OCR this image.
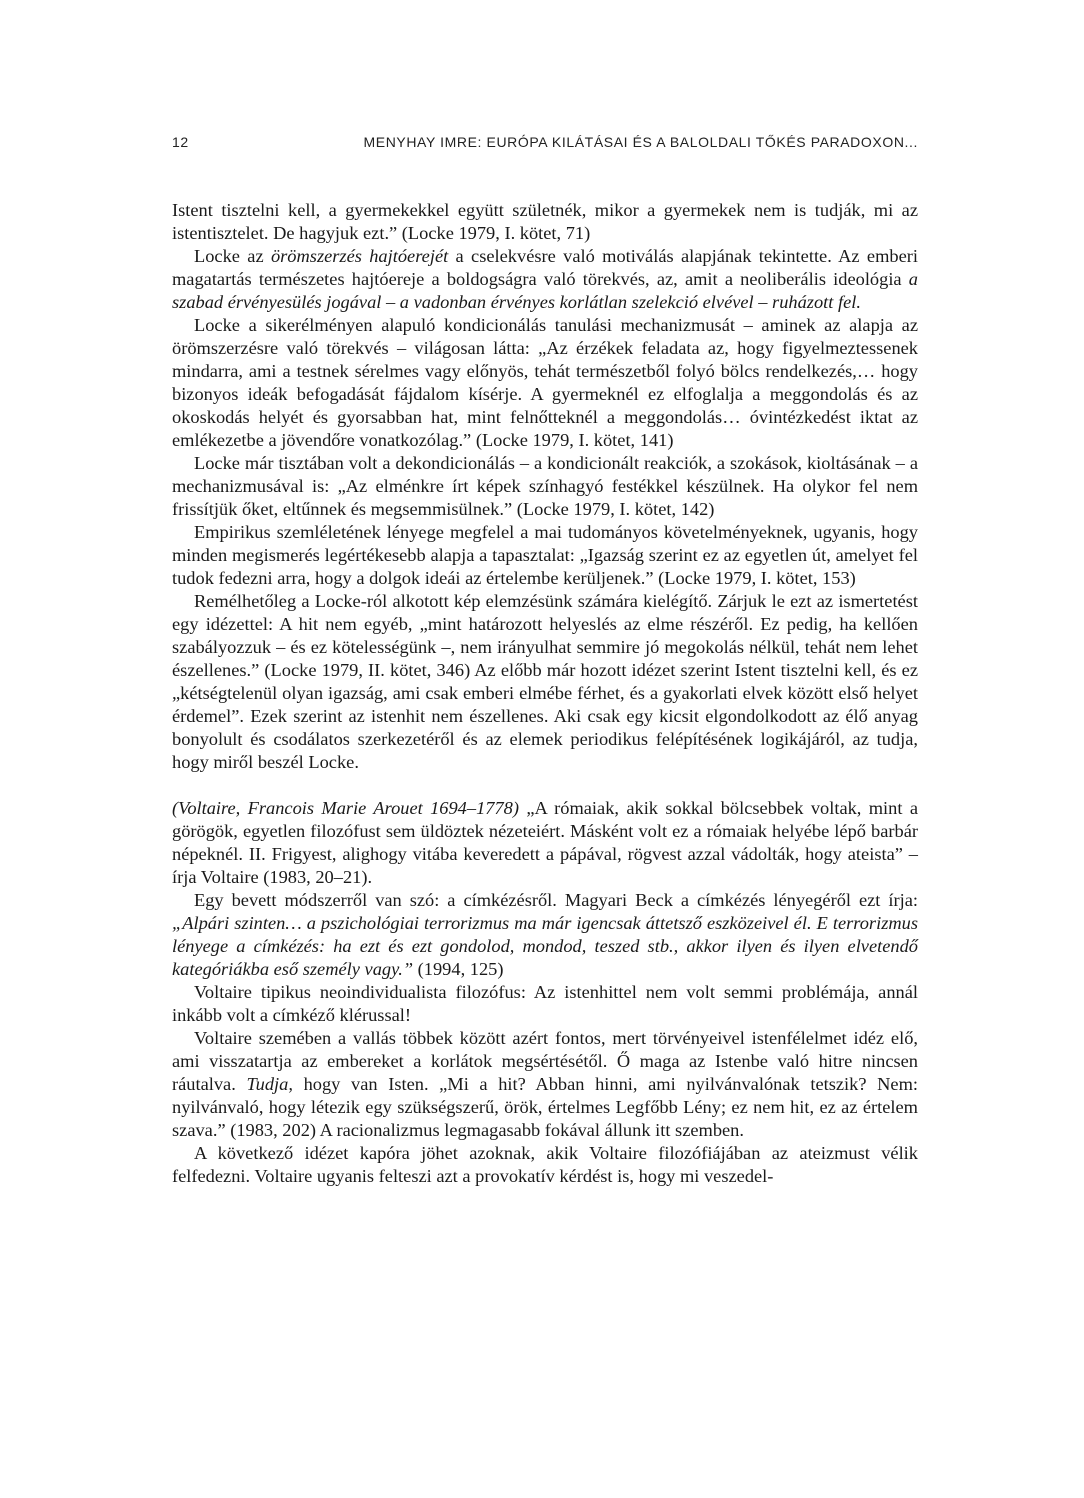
12	MENYHAY IMRE: EURÓPA KILÁTÁSAI ÉS A BALOLDALI TŐKÉS PARADOXON...

Istent tisztelni kell, a gyermekekkel együtt születnék, mikor a gyermekek nem is tudják, mi az istentisztelet. De hagyjuk ezt.” (Locke 1979, I. kötet, 71)

Locke az örömszerzés hajtóerejét a cselekvésre való motiválás alapjának tekintette. Az emberi magatartás természetes hajtóereje a boldogságra való törekvés, az, amit a neoliberális ideológia a szabad érvényesülés jogával – a vadonban érvényes korlátlan szelekció elvével – ruházott fel.

Locke a sikerélményen alapuló kondicionálás tanulási mechanizmusát – aminek az alapja az örömszerzésre való törekvés – világosan látta: „Az érzékek feladata az, hogy figyelmeztessenek mindarra, ami a testnek sérelmes vagy előnyös, tehát természetből folyó bölcs rendelkezés,… hogy bizonyos ideák befogadását fájdalom kísérje. A gyermeknél ez elfoglalja a meggondolás és az okoskodás helyét és gyorsabban hat, mint felnőtteknél a meggondolás… óvintézkedést iktat az emlékezetbe a jövendőre vonatkozólag.” (Locke 1979, I. kötet, 141)

Locke már tisztában volt a dekondicionálás – a kondicionált reakciók, a szokások, kioltásának – a mechanizmusával is: „Az elménkre írt képek színhagyó festékkel készülnek. Ha olykor fel nem frissítjük őket, eltűnnek és megsemmisülnek.” (Locke 1979, I. kötet, 142)

Empirikus szemléletének lényege megfelel a mai tudományos követelményeknek, ugyanis, hogy minden megismerés legértékesebb alapja a tapasztalat: „Igazság szerint ez az egyetlen út, amelyet fel tudok fedezni arra, hogy a dolgok ideái az értelembe kerüljenek.” (Locke 1979, I. kötet, 153)

Remélhetőleg a Locke-ról alkotott kép elemzésünk számára kielégítő. Zárjuk le ezt az ismertetést egy idézettel: A hit nem egyéb, „mint határozott helyeslés az elme részéről. Ez pedig, ha kellően szabályozzuk – és ez kötelességünk –, nem irányulhat semmire jó megokolás nélkül, tehát nem lehet észellenes.” (Locke 1979, II. kötet, 346) Az előbb már hozott idézet szerint Istent tisztelni kell, és ez „kétségtelenül olyan igazság, ami csak emberi elmébe férhet, és a gyakorlati elvek között első helyet érdemel”. Ezek szerint az istenhit nem észellenes. Aki csak egy kicsit elgondolkodott az élő anyag bonyolult és csodálatos szerkezetéről és az elemek periodikus felépítésének logikájáról, az tudja, hogy miről beszél Locke.

(Voltaire, Francois Marie Arouet 1694–1778) „A rómaiak, akik sokkal bölcsebbek voltak, mint a görögök, egyetlen filozófust sem üldöztek nézeteiért. Másként volt ez a rómaiak helyébe lépő barbár népeknél. II. Frigyest, alighogy vitába keveredett a pápával, rögvest azzal vádolták, hogy ateista” – írja Voltaire (1983, 20–21).

Egy bevett módszerről van szó: a címkézésről. Magyari Beck a címkézés lényegéről ezt írja: „Alpári szinten… a pszichológiai terrorizmus ma már igencsak áttetsző eszközeivel él. E terrorizmus lényege a címkézés: ha ezt és ezt gondolod, mondod, teszed stb., akkor ilyen és ilyen elvetendő kategóriákba eső személy vagy.” (1994, 125)

Voltaire tipikus neoindividualista filozófus: Az istenhittel nem volt semmi problémája, annál inkább volt a címkéző klérussal!

Voltaire szemében a vallás többek között azért fontos, mert törvényeivel istenfélelmet idéz elő, ami visszatartja az embereket a korlátok megsértésétől. Ő maga az Istenbe való hitre nincsen ráutalva. Tudja, hogy van Isten. „Mi a hit? Abban hinni, ami nyilvánvalónak tetszik? Nem: nyilvánvaló, hogy létezik egy szükségszerű, örök, értelmes Legfőbb Lény; ez nem hit, ez az értelem szava.” (1983, 202) A racionalizmus legmagasabb fokával állunk itt szemben.

A következő idézet kapóra jöhet azoknak, akik Voltaire filozófiájában az ateizmust vélik felfedezni. Voltaire ugyanis felteszi azt a provokatív kérdést is, hogy mi veszedel-
